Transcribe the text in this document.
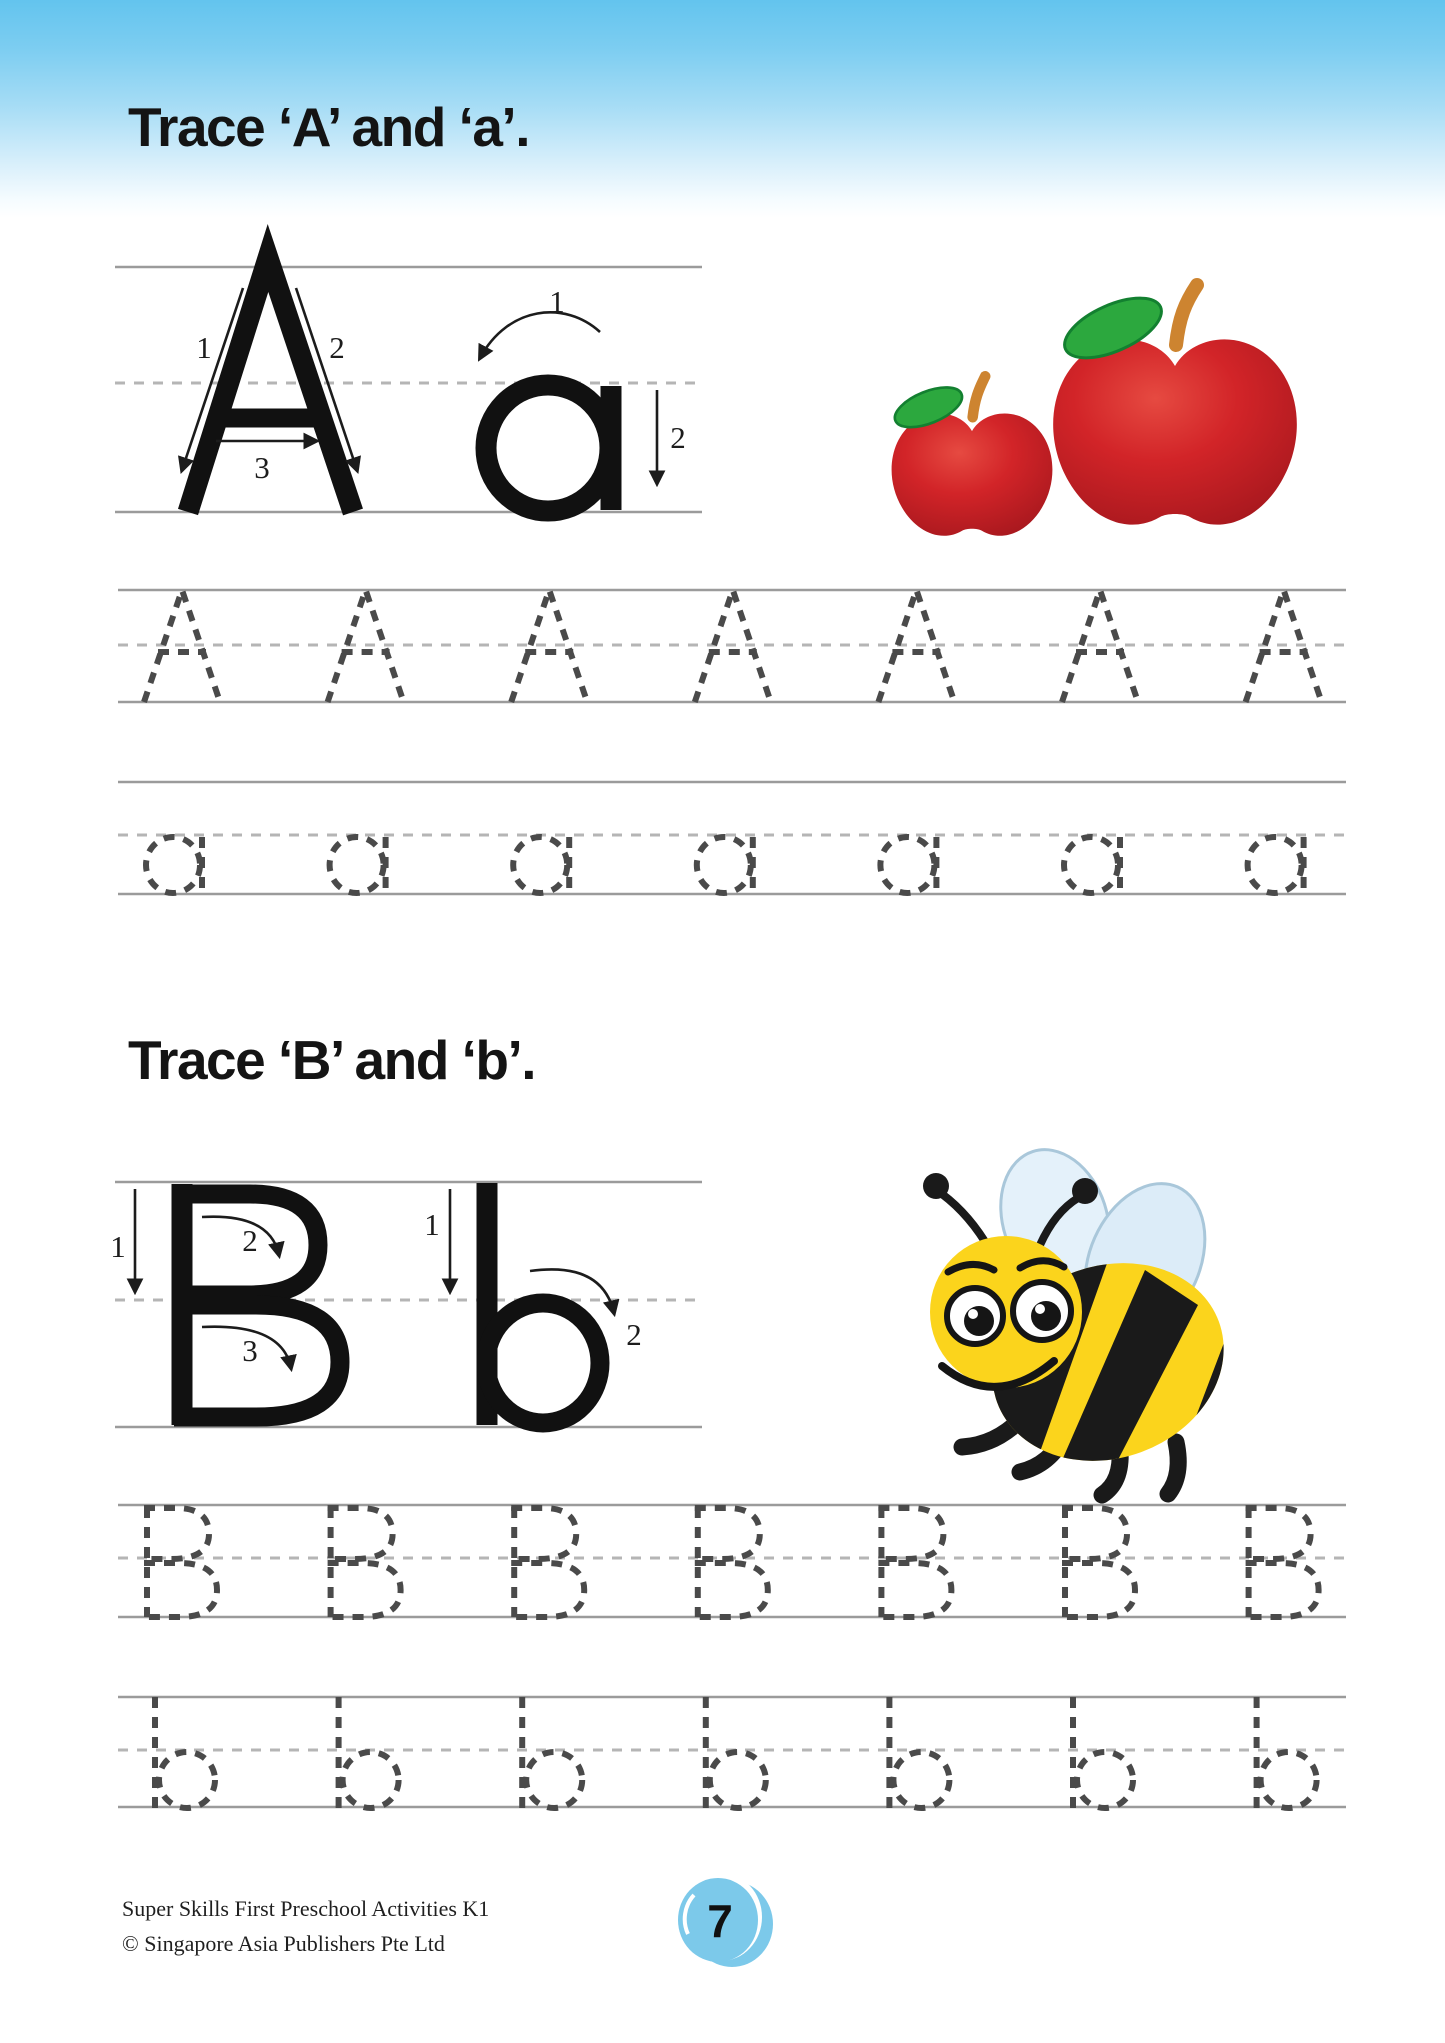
Trace ‘A’ and ‘a’.
1	2
3
1
2
Trace ‘B’ and ‘b’.
1	2
3
1
2
Super Skills First Preschool Activities K1
© Singapore Asia Publishers Pte Ltd	7
